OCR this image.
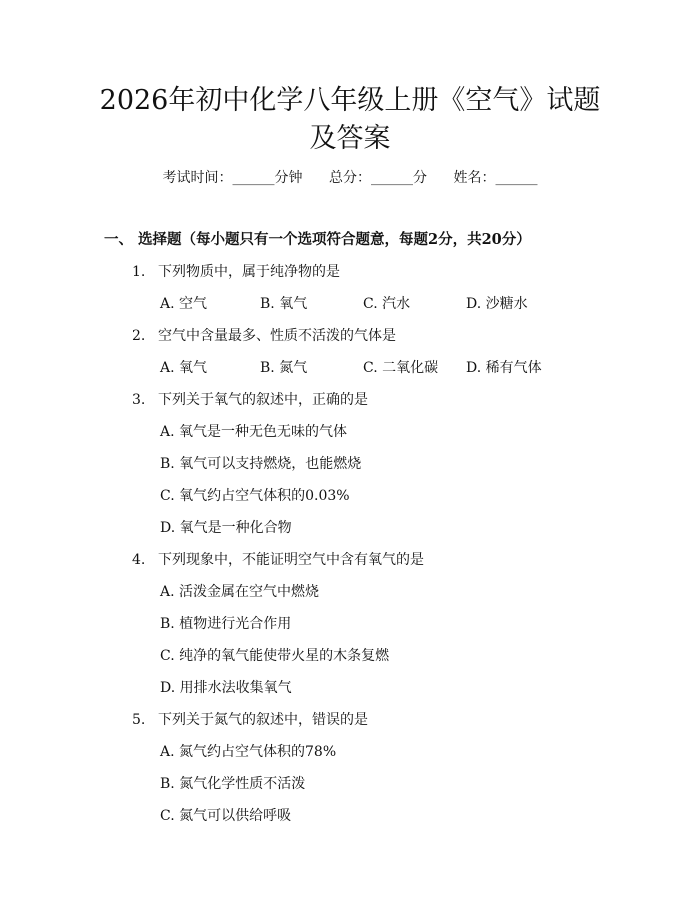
2026年初中化学八年级上册《空气》试题及答案
考试时间：______分钟 总分：______分 姓名：______
一、 选择题（每小题只有一个选项符合题意，每题2分，共20分）
1. 下列物质中，属于纯净物的是
A. 空气	B. 氧气	C. 汽水	D. 沙糖水
2. 空气中含量最多、性质不活泼的气体是
A. 氧气	B. 氮气	C. 二氧化碳 D. 稀有气体
3. 下列关于氧气的叙述中，正确的是
A. 氧气是一种无色无味的气体
B. 氧气可以支持燃烧，也能燃烧
C. 氧气约占空气体积的0.03%
D. 氧气是一种化合物
4. 下列现象中，不能证明空气中含有氧气的是
A. 活泼金属在空气中燃烧
B. 植物进行光合作用
C. 纯净的氧气能使带火星的木条复燃
D. 用排水法收集氧气
5. 下列关于氮气的叙述中，错误的是
A. 氮气约占空气体积的78%
B. 氮气化学性质不活泼
C. 氮气可以供给呼吸
